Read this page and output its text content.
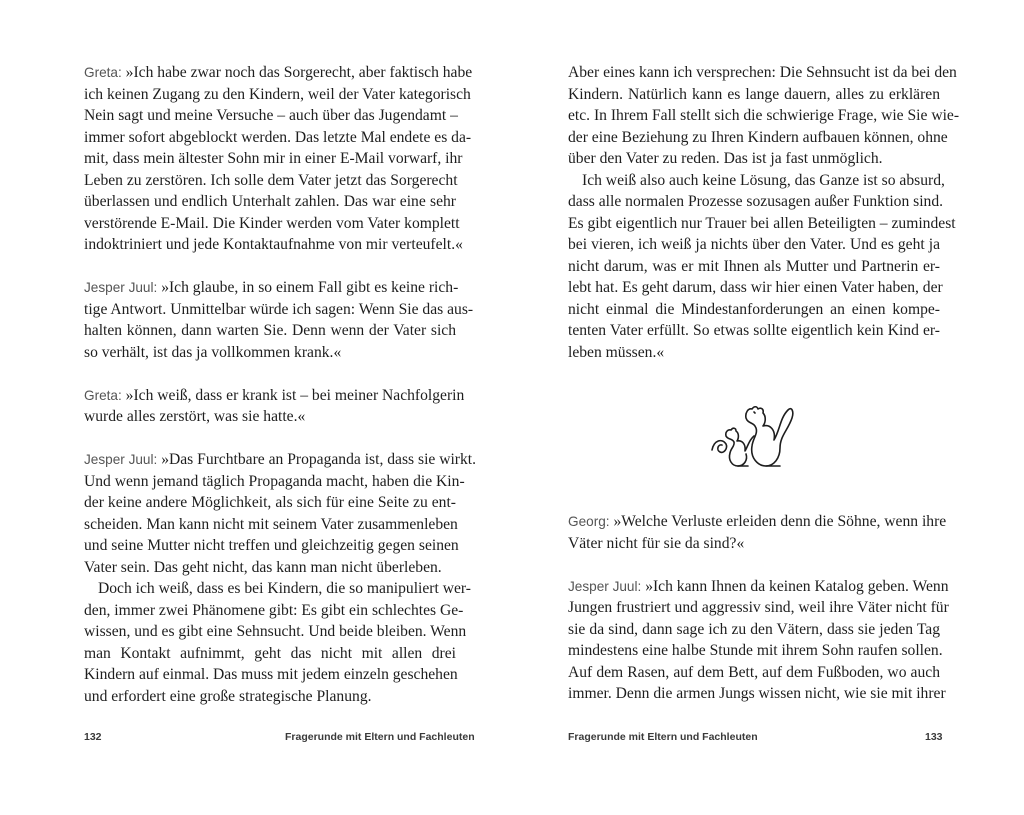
Greta: »Ich habe zwar noch das Sorgerecht, aber faktisch habe
ich keinen Zugang zu den Kindern, weil der Vater kategorisch
Nein sagt und meine Versuche – auch über das Jugendamt –
immer sofort abgeblockt werden. Das letzte Mal endete es da-
mit, dass mein ältester Sohn mir in einer E-Mail vorwarf, ihr
Leben zu zerstören. Ich solle dem Vater jetzt das Sorgerecht
überlassen und endlich Unterhalt zahlen. Das war eine sehr
verstörende E-Mail. Die Kinder werden vom Vater komplett
indoktriniert und jede Kontaktaufnahme von mir verteufelt.«
Jesper Juul: »Ich glaube, in so einem Fall gibt es keine rich-
tige Antwort. Unmittelbar würde ich sagen: Wenn Sie das aus-
halten können, dann warten Sie. Denn wenn der Vater sich
so verhält, ist das ja vollkommen krank.«
Greta: »Ich weiß, dass er krank ist – bei meiner Nachfolgerin
wurde alles zerstört, was sie hatte.«
Jesper Juul: »Das Furchtbare an Propaganda ist, dass sie wirkt.
Und wenn jemand täglich Propaganda macht, haben die Kin-
der keine andere Möglichkeit, als sich für eine Seite zu ent-
scheiden. Man kann nicht mit seinem Vater zusammenleben
und seine Mutter nicht treffen und gleichzeitig gegen seinen
Vater sein. Das geht nicht, das kann man nicht überleben.
Doch ich weiß, dass es bei Kindern, die so manipuliert wer-
den, immer zwei Phänomene gibt: Es gibt ein schlechtes Ge-
wissen, und es gibt eine Sehnsucht. Und beide bleiben. Wenn
man Kontakt aufnimmt, geht das nicht mit allen drei
Kindern auf einmal. Das muss mit jedem einzeln geschehen
und erfordert eine große strategische Planung.
132	Fragerunde mit Eltern und Fachleuten
Aber eines kann ich versprechen: Die Sehnsucht ist da bei den
Kindern. Natürlich kann es lange dauern, alles zu erklären
etc. In Ihrem Fall stellt sich die schwierige Frage, wie Sie wie-
der eine Beziehung zu Ihren Kindern aufbauen können, ohne
über den Vater zu reden. Das ist ja fast unmöglich.
Ich weiß also auch keine Lösung, das Ganze ist so absurd,
dass alle normalen Prozesse sozusagen außer Funktion sind.
Es gibt eigentlich nur Trauer bei allen Beteiligten – zumindest
bei vieren, ich weiß ja nichts über den Vater. Und es geht ja
nicht darum, was er mit Ihnen als Mutter und Partnerin er-
lebt hat. Es geht darum, dass wir hier einen Vater haben, der
nicht einmal die Mindestanforderungen an einen kompe-
tenten Vater erfüllt. So etwas sollte eigentlich kein Kind er-
leben müssen.«
Georg: »Welche Verluste erleiden denn die Söhne, wenn ihre
Väter nicht für sie da sind?«
Jesper Juul: »Ich kann Ihnen da keinen Katalog geben. Wenn
Jungen frustriert und aggressiv sind, weil ihre Väter nicht für
sie da sind, dann sage ich zu den Vätern, dass sie jeden Tag
mindestens eine halbe Stunde mit ihrem Sohn raufen sollen.
Auf dem Rasen, auf dem Bett, auf dem Fußboden, wo auch
immer. Denn die armen Jungs wissen nicht, wie sie mit ihrer
Fragerunde mit Eltern und Fachleuten	133
